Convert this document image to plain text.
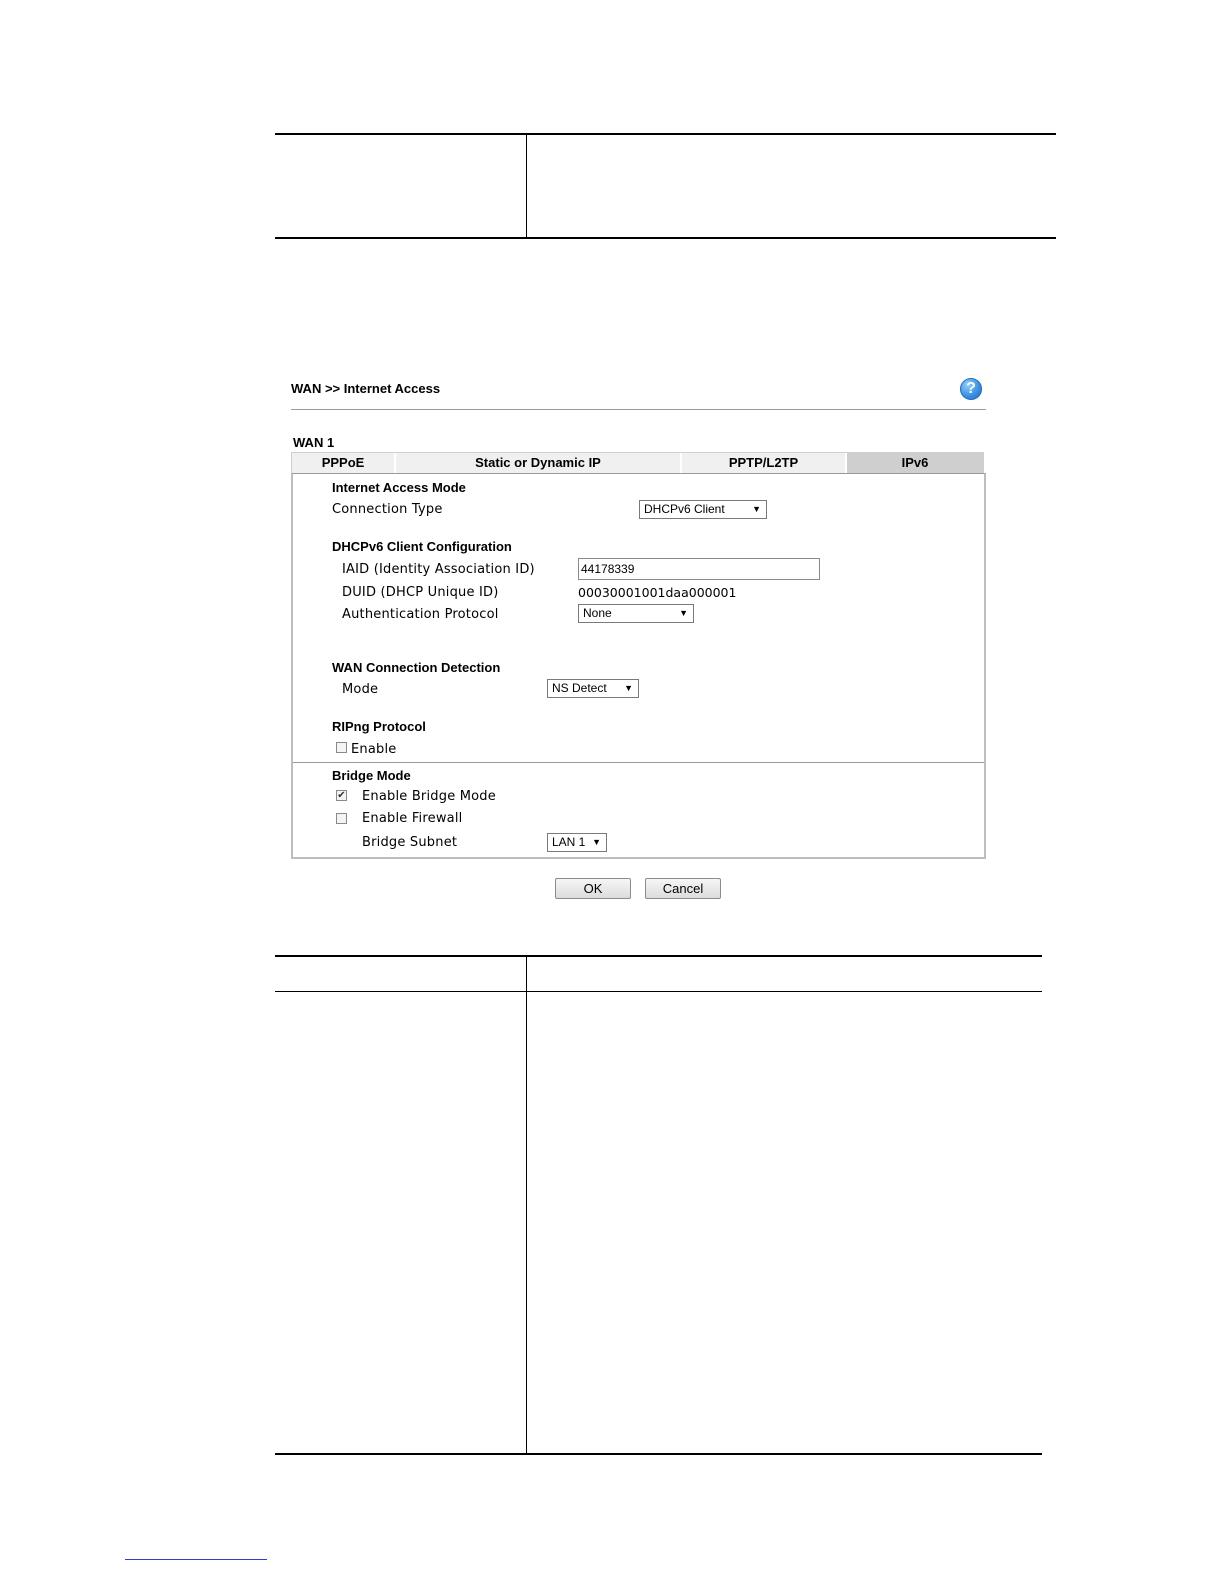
WAN >> Internet Access	?
WAN 1
PPPoE	Static or Dynamic IP	PPTP/L2TP	IPv6
Internet Access Mode
Connection Type	DHCPv6 Client	▼
DHCPv6 Client Configuration
IAID (Identity Association ID)	44178339
DUID (DHCP Unique ID)	00030001001daa000001
Authentication Protocol	None	▼
WAN Connection Detection
Mode	NS Detect ▼
RIPng Protocol
Enable
Bridge Mode
✔ Enable Bridge Mode
Enable Firewall
Bridge Subnet	LAN 1 ▼
OK	Cancel
